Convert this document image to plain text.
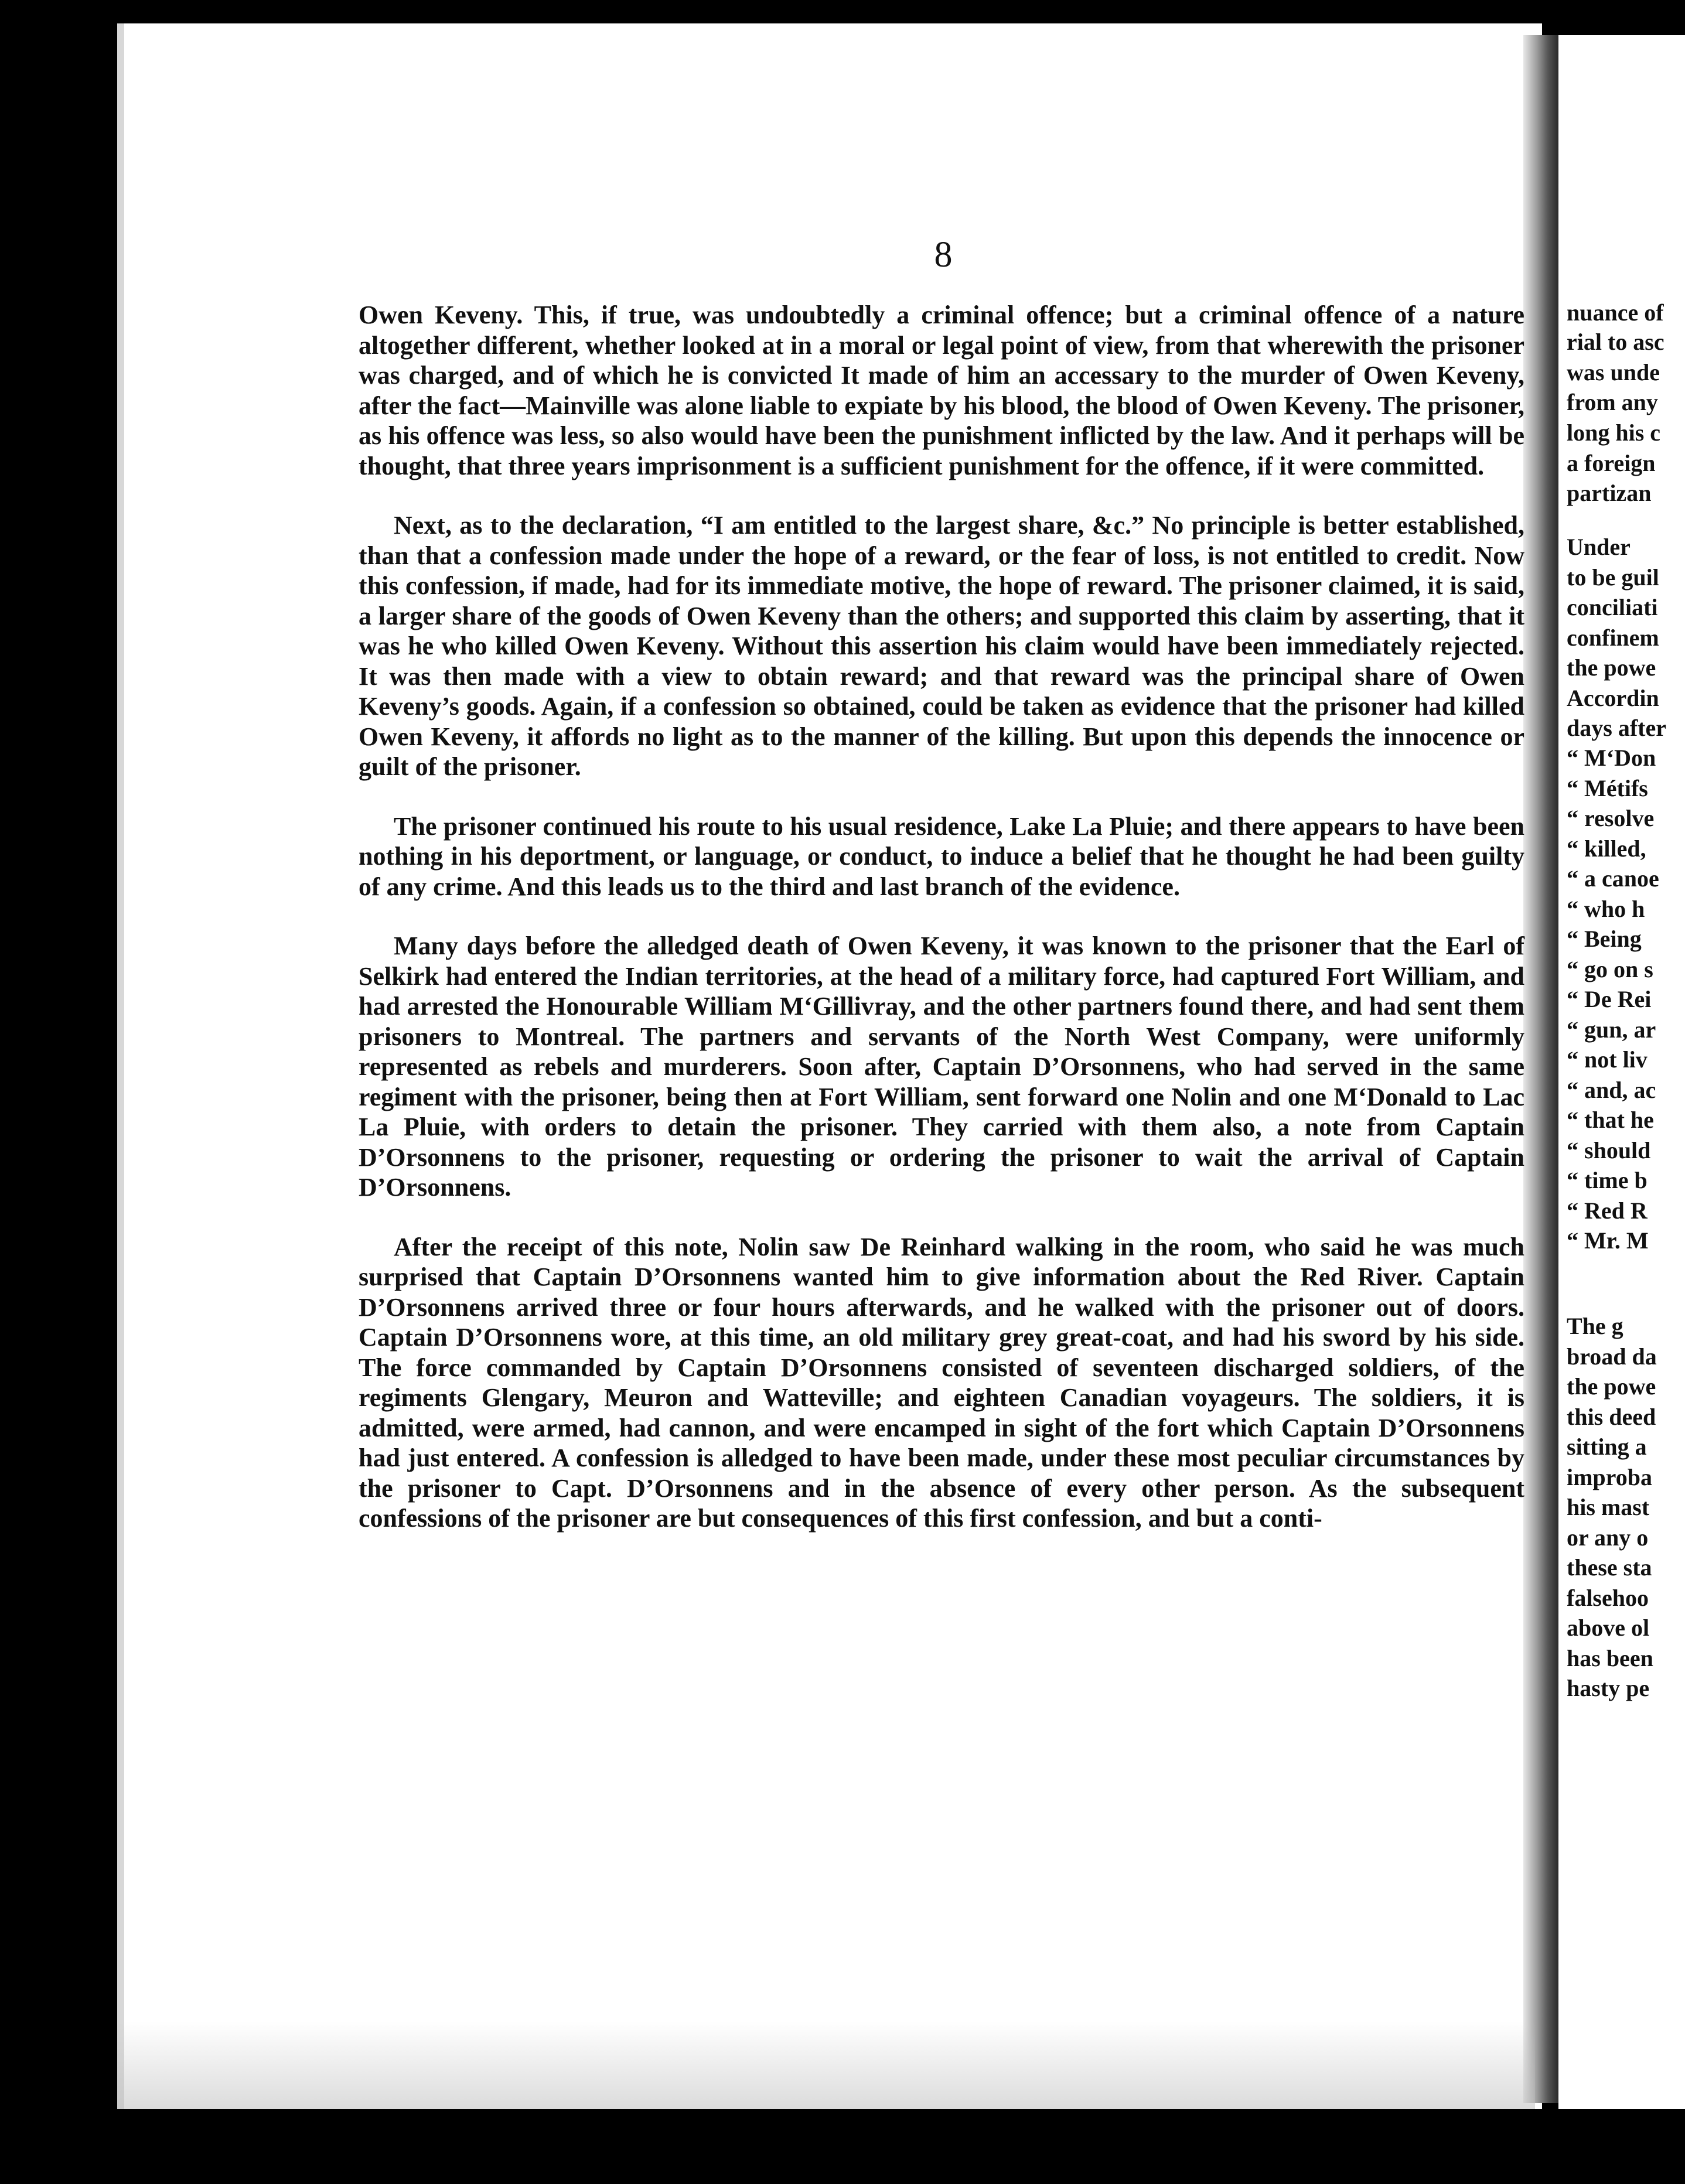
nuance of
rial to asc
was unde
from any
long his c
a foreign
partizan
Under
to be guil
conciliati
confinem
the powe
Accordin
days after
“ M‘Don
“ Métifs
“ resolve
“ killed,
“ a canoe
“ who h
“ Being
“ go on s
“ De Rei
“ gun, ar
“ not liv
“ and, ac
“ that he
“ should
“ time b
“ Red R
“ Mr. M
The g
broad da
the powe
this deed
sitting a
improba
his mast
or any o
these sta
falsehoo
above ol
has been
hasty pe
8

Owen Keveny. This, if true, was undoubtedly a criminal offence; but a criminal offence of a nature altogether different, whether looked at in a moral or legal point of view, from that wherewith the prisoner was charged, and of which he is convicted It made of him an accessary to the murder of Owen Keveny, after the fact—Mainville was alone liable to expiate by his blood, the blood of Owen Keveny. The prisoner, as his offence was less, so also would have been the punishment inflicted by the law. And it perhaps will be thought, that three years imprisonment is a sufficient punishment for the offence, if it were committed.

Next, as to the declaration, “I am entitled to the largest share, &c.” No principle is better established, than that a confession made under the hope of a reward, or the fear of loss, is not entitled to credit. Now this confession, if made, had for its immediate motive, the hope of reward. The prisoner claimed, it is said, a larger share of the goods of Owen Keveny than the others; and supported this claim by asserting, that it was he who killed Owen Keveny. Without this assertion his claim would have been immediately rejected. It was then made with a view to obtain reward; and that reward was the principal share of Owen Keveny’s goods. Again, if a confession so obtained, could be taken as evidence that the prisoner had killed Owen Keveny, it affords no light as to the manner of the killing. But upon this depends the innocence or guilt of the prisoner.

The prisoner continued his route to his usual residence, Lake La Pluie; and there appears to have been nothing in his deportment, or language, or conduct, to induce a belief that he thought he had been guilty of any crime. And this leads us to the third and last branch of the evidence.

Many days before the alledged death of Owen Keveny, it was known to the prisoner that the Earl of Selkirk had entered the Indian territories, at the head of a military force, had captured Fort William, and had arrested the Honourable William M‘Gillivray, and the other partners found there, and had sent them prisoners to Montreal. The partners and servants of the North West Company, were uniformly represented as rebels and murderers. Soon after, Captain D’Orsonnens, who had served in the same regiment with the prisoner, being then at Fort William, sent forward one Nolin and one M‘Donald to Lac La Pluie, with orders to detain the prisoner. They carried with them also, a note from Captain D’Orsonnens to the prisoner, requesting or ordering the prisoner to wait the arrival of Captain D’Orsonnens.

After the receipt of this note, Nolin saw De Reinhard walking in the room, who said he was much surprised that Captain D’Orsonnens wanted him to give information about the Red River. Captain D’Orsonnens arrived three or four hours afterwards, and he walked with the prisoner out of doors. Captain D’Orsonnens wore, at this time, an old military grey great-coat, and had his sword by his side. The force commanded by Captain D’Orsonnens consisted of seventeen discharged soldiers, of the regiments Glengary, Meuron and Watteville; and eighteen Canadian voyageurs. The soldiers, it is admitted, were armed, had cannon, and were encamped in sight of the fort which Captain D’Orsonnens had just entered. A confession is alledged to have been made, under these most peculiar circumstances by the prisoner to Capt. D’Orsonnens and in the absence of every other person. As the subsequent confessions of the prisoner are but consequences of this first confession, and but a conti-
